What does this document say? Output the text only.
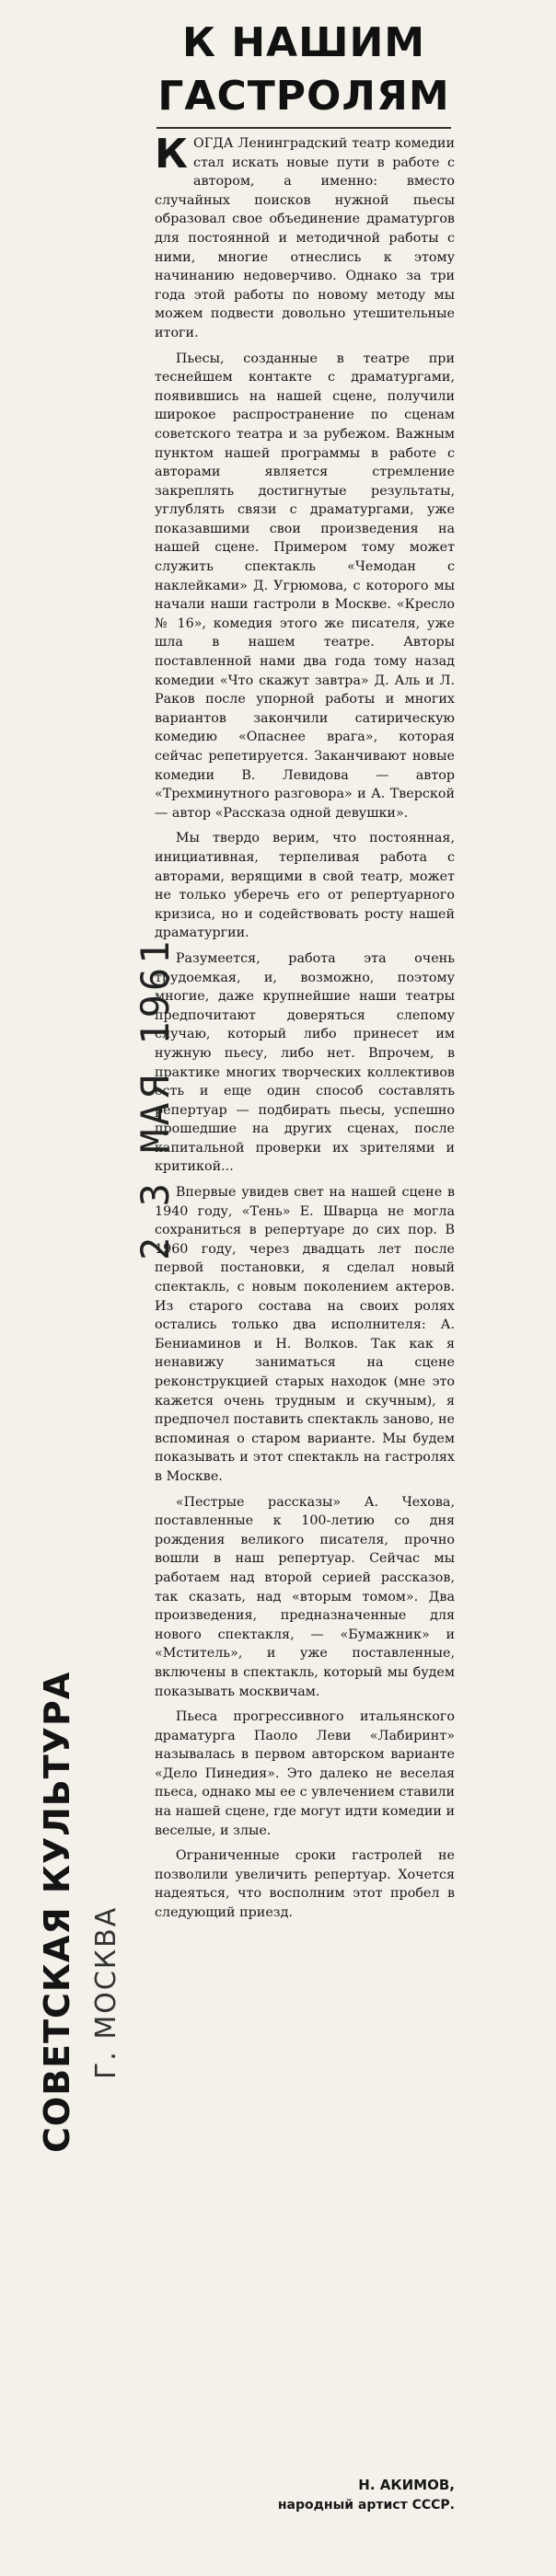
К НАШИМ
ГАСТРОЛЯМ

КОГДА Ленинградский театр комедии стал искать новые пути в работе с автором, а именно: вместо случайных поисков нужной пьесы образовал свое объединение драматургов для постоянной и методичной работы с ними, многие отнеслись к этому начинанию недоверчиво. Однако за три года этой работы по новому методу мы можем подвести довольно утешительные итоги.

Пьесы, созданные в театре при теснейшем контакте с драматургами, появившись на нашей сцене, получили широкое распространение по сценам советского театра и за рубежом. Важным пунктом нашей программы в работе с авторами является стремление закреплять достигнутые результаты, углублять связи с драматургами, уже показавшими свои произведения на нашей сцене. Примером тому может служить спектакль «Чемодан с наклейками» Д. Угрюмова, с которого мы начали наши гастроли в Москве. «Кресло № 16», комедия этого же писателя, уже шла в нашем театре. Авторы поставленной нами два года тому назад комедии «Что скажут завтра» Д. Аль и Л. Раков после упорной работы и многих вариантов закончили сатирическую комедию «Опаснее врага», которая сейчас репетируется. Заканчивают новые комедии В. Левидова — автор «Трехминутного разговора» и А. Тверской — автор «Рассказа одной девушки».

Мы твердо верим, что постоянная, инициативная, терпеливая работа с авторами, верящими в свой театр, может не только уберечь его от репертуарного кризиса, но и содействовать росту нашей драматургии.

Разумеется, работа эта очень трудоемкая, и, возможно, поэтому многие, даже крупнейшие наши театры предпочитают доверяться слепому случаю, который либо принесет им нужную пьесу, либо нет. Впрочем, в практике многих творческих коллективов есть и еще один способ составлять репертуар — подбирать пьесы, успешно прошедшие на других сценах, после капитальной проверки их зрителями и критикой...

Впервые увидев свет на нашей сцене в 1940 году, «Тень» Е. Шварца не могла сохраниться в репертуаре до сих пор. В 1960 году, через двадцать лет после первой постановки, я сделал новый спектакль, с новым поколением актеров. Из старого состава на своих ролях остались только два исполнителя: А. Бениаминов и Н. Волков. Так как я ненавижу заниматься на сцене реконструкцией старых находок (мне это кажется очень трудным и скучным), я предпочел поставить спектакль заново, не вспоминая о старом варианте. Мы будем показывать и этот спектакль на гастролях в Москве.

«Пестрые рассказы» А. Чехова, поставленные к 100-летию со дня рождения великого писателя, прочно вошли в наш репертуар. Сейчас мы работаем над второй серией рассказов, так сказать, над «вторым томом». Два произведения, предназначенные для нового спектакля, — «Бумажник» и «Мститель», и уже поставленные, включены в спектакль, который мы будем показывать москвичам.

Пьеса прогрессивного итальянского драматурга Паоло Леви «Лабиринт» называлась в первом авторском варианте «Дело Пинедия». Это далеко не веселая пьеса, однако мы ее с увлечением ставили на нашей сцене, где могут идти комедии и веселые, и злые.

Ограниченные сроки гастролей не позволили увеличить репертуар. Хочется надеяться, что восполним этот пробел в следующий приезд.

Н. АКИМОВ,
народный артист СССР.
СОВЕТСКАЯ КУЛЬТУРА Г. МОСКВА
2 3 МАЯ 1961
